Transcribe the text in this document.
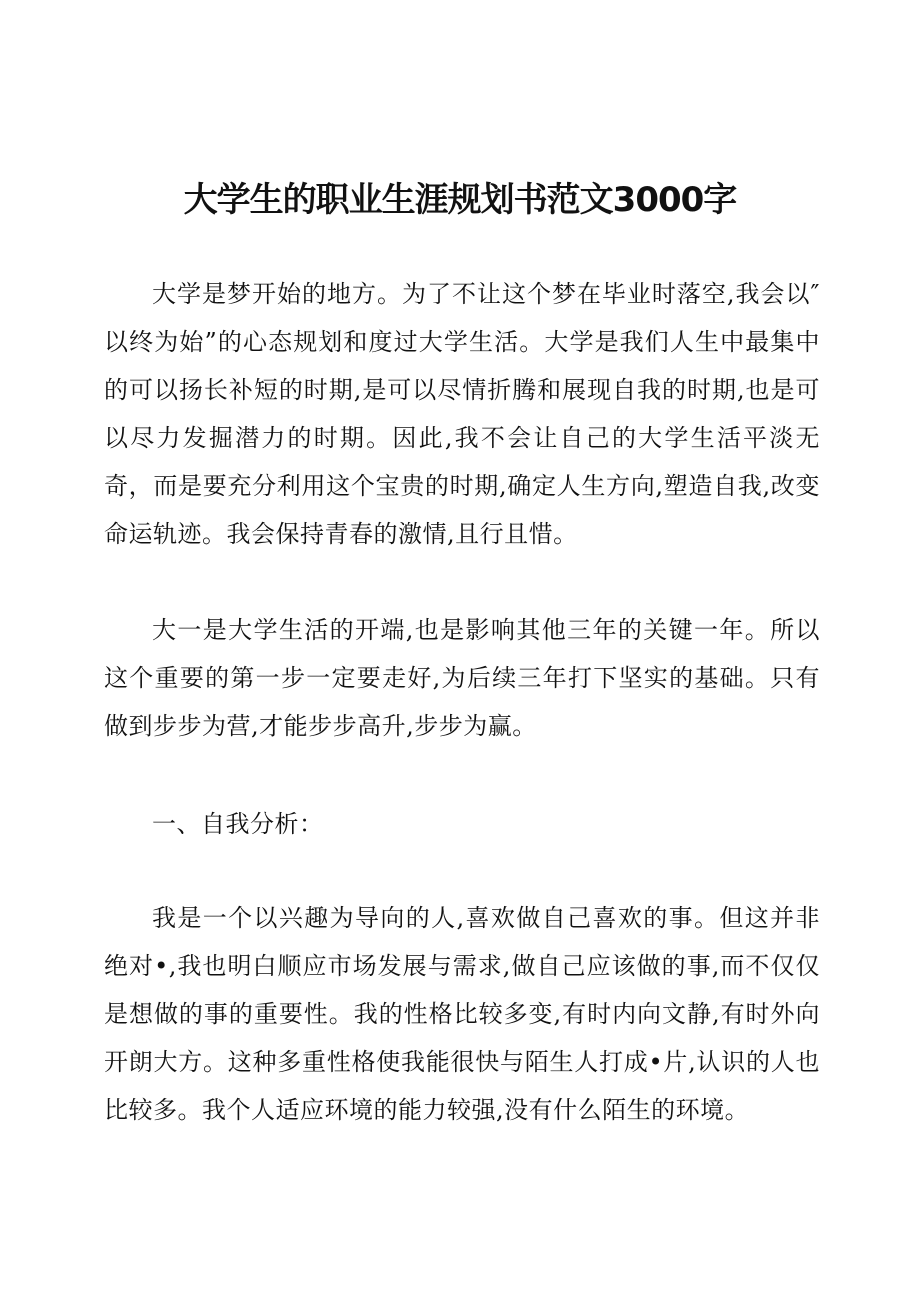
大学生的职业生涯规划书范文3000字

大学是梦开始的地方。为了不让这个梦在毕业时落空,我会以″以终为始”的心态规划和度过大学生活。大学是我们人生中最集中的可以扬长补短的时期,是可以尽情折腾和展现自我的时期,也是可以尽力发掘潜力的时期。因此,我不会让自己的大学生活平淡无奇，而是要充分利用这个宝贵的时期,确定人生方向,塑造自我,改变命运轨迹。我会保持青春的激情,且行且惜。

大一是大学生活的开端,也是影响其他三年的关键一年。所以这个重要的第一步一定要走好,为后续三年打下坚实的基础。只有做到步步为营,才能步步高升,步步为赢。

一、自我分析：

我是一个以兴趣为导向的人,喜欢做自己喜欢的事。但这并非绝对•,我也明白顺应市场发展与需求,做自己应该做的事,而不仅仅是想做的事的重要性。我的性格比较多变,有时内向文静,有时外向开朗大方。这种多重性格使我能很快与陌生人打成•片,认识的人也比较多。我个人适应环境的能力较强,没有什么陌生的环境。
